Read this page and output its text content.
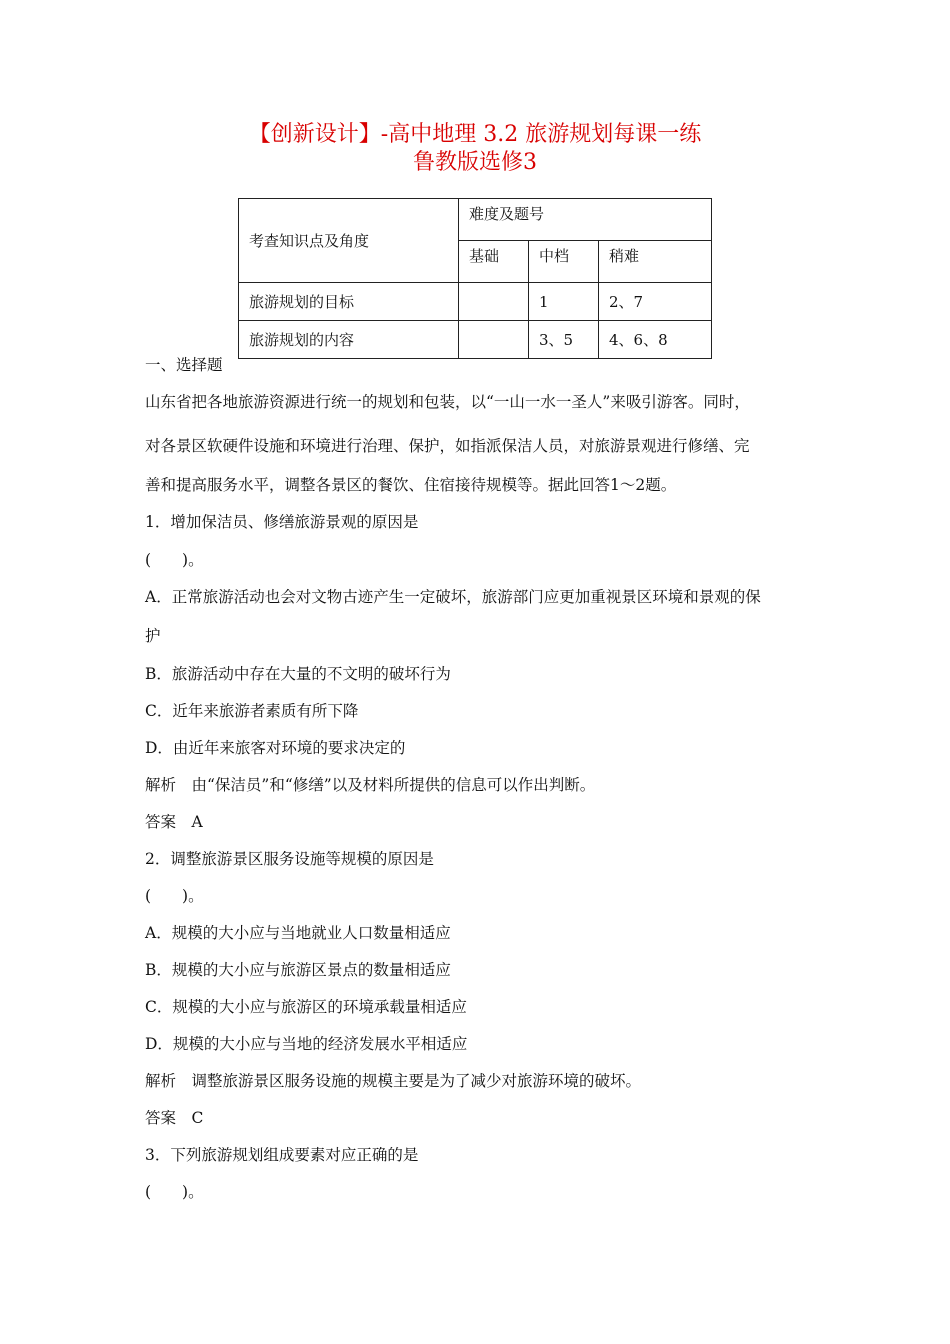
【创新设计】-高中地理 3.2 旅游规划每课一练
鲁教版选修3
考查知识点及角度	难度及题号		
	基础	中档	稍难
旅游规划的目标		1	2、7
旅游规划的内容		3、5	4、6、8
一、选择题
山东省把各地旅游资源进行统一的规划和包装，以“一山一水一圣人”来吸引游客。同时，
对各景区软硬件设施和环境进行治理、保护，如指派保洁人员，对旅游景观进行修缮、完
善和提高服务水平，调整各景区的餐饮、住宿接待规模等。据此回答1～2题。
1．增加保洁员、修缮旅游景观的原因是
(　　)。
A．正常旅游活动也会对文物古迹产生一定破坏，旅游部门应更加重视景区环境和景观的保
护
B．旅游活动中存在大量的不文明的破坏行为
C．近年来旅游者素质有所下降
D．由近年来旅客对环境的要求决定的
解析　由“保洁员”和“修缮”以及材料所提供的信息可以作出判断。
答案　A
2．调整旅游景区服务设施等规模的原因是
(　　)。
A．规模的大小应与当地就业人口数量相适应
B．规模的大小应与旅游区景点的数量相适应
C．规模的大小应与旅游区的环境承载量相适应
D．规模的大小应与当地的经济发展水平相适应
解析　调整旅游景区服务设施的规模主要是为了减少对旅游环境的破坏。
答案　C
3．下列旅游规划组成要素对应正确的是
(　　)。
